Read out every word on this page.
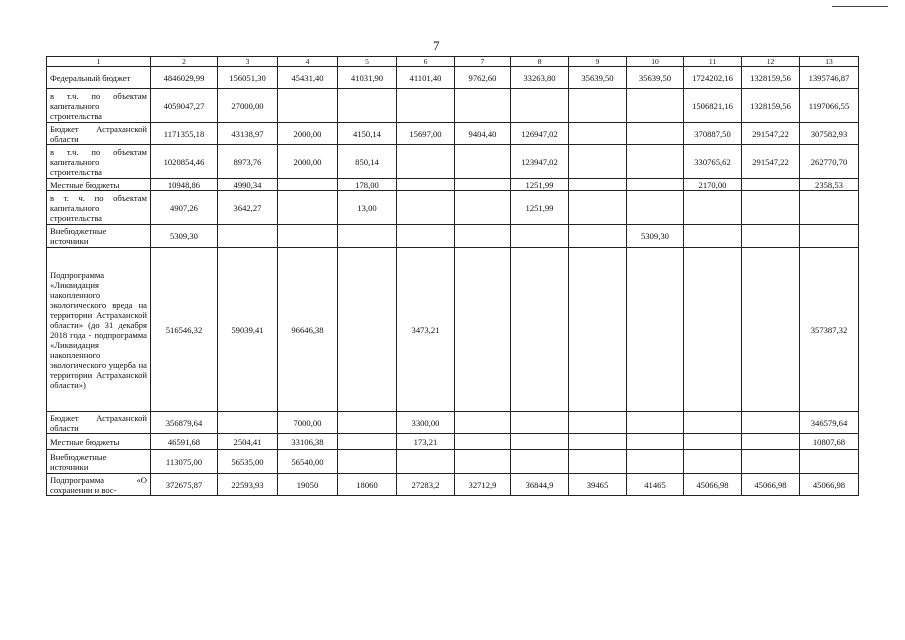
7
1	2	3	4	5	6	7	8	9	10	11	12	13
Федеральный бюджет	4846029,99	156051,30	45431,40	41031,90	41101,40	9762,60	33263,80	35639,50	35639,50	1724202,16	1328159,56	1395746,87
в т.ч. по объектам капитального строительства	4059047,27	27000,00								1506821,16	1328159,56	1197066,55
Бюджет Астраханской области	1171355,18	43138,97	2000,00	4150,14	15697,00	9404,40	126947,02			370887,50	291547,22	307582,93
в т.ч. по объектам капитального строительства	1020854,46	8973,76	2000,00	850,14			123947,02			330765,62	291547,22	262770,70
Местные бюджеты	10948,86	4990,34		178,00			1251,99			2170,00		2358,53
в т. ч. по объектам капитального строительства	4907,26	3642,27		13,00			1251,99					
Внебюджетные источники	5309,30								5309,30			
Подпрограмма «Ликвидация накопленного экологического вреда на территории Астраханской области» (до 31 декабря 2018 года - подпрограмма «Ликвидация накопленного экологического ущерба на территории Астраханской области»)	516546,32	59039,41	96646,38		3473,21							357387,32
Бюджет Астраханской области	356879,64		7000,00		3300,00							346579,64
Местные бюджеты	46591,68	2504,41	33106,38		173,21							10807,68
Внебюджетные источники	113075,00	56535,00	56540,00									
Подпрограмма «О сохранении и вос-	372675,87	22593,93	19050	18060	27283,2	32712,9	36844,9	39465	41465	45066,98	45066,98	45066,98
